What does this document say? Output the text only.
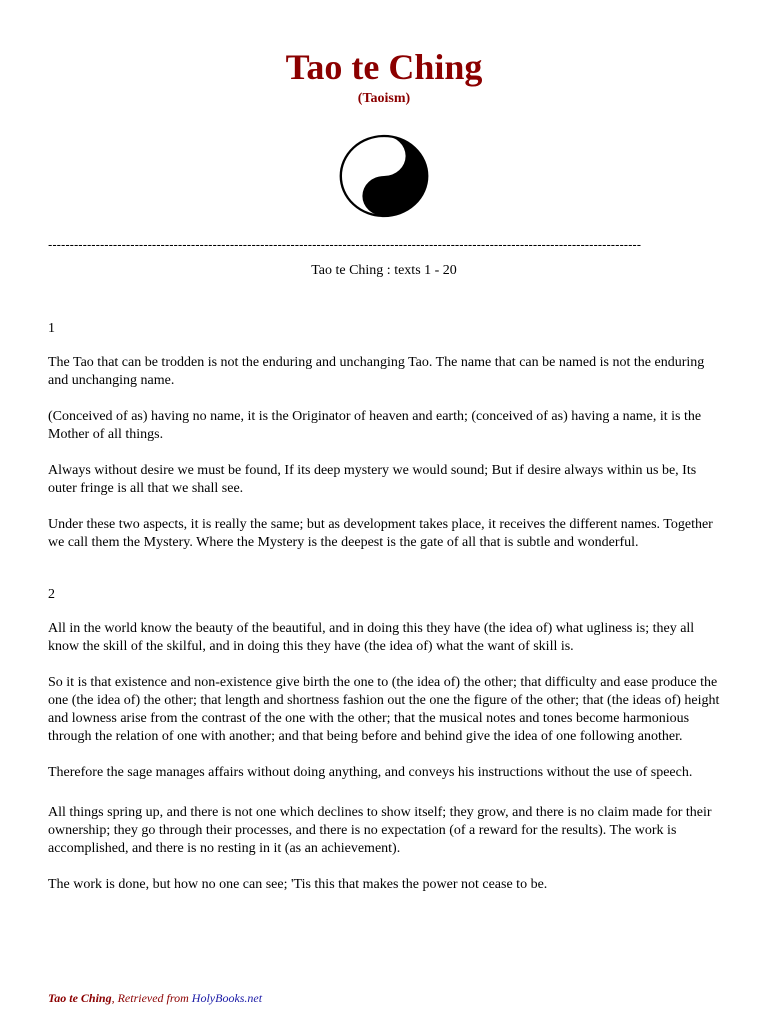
Tao te Ching
(Taoism)
-----------------------------------------------------------------------------------------------------------------------------------------
Tao te Ching : texts 1 - 20

1

The Tao that can be trodden is not the enduring and unchanging Tao. The name that can be named is not the enduring and unchanging name.

(Conceived of as) having no name, it is the Originator of heaven and earth; (conceived of as) having a name, it is the Mother of all things.

Always without desire we must be found, If its deep mystery we would sound; But if desire always within us be, Its outer fringe is all that we shall see.

Under these two aspects, it is really the same; but as development takes place, it receives the different names. Together we call them the Mystery. Where the Mystery is the deepest is the gate of all that is subtle and wonderful.

2

All in the world know the beauty of the beautiful, and in doing this they have (the idea of) what ugliness is; they all know the skill of the skilful, and in doing this they have (the idea of) what the want of skill is.

So it is that existence and non-existence give birth the one to (the idea of) the other; that difficulty and ease produce the one (the idea of) the other; that length and shortness fashion out the one the figure of the other; that (the ideas of) height and lowness arise from the contrast of the one with the other; that the musical notes and tones become harmonious through the relation of one with another; and that being before and behind give the idea of one following another.

Therefore the sage manages affairs without doing anything, and conveys his instructions without the use of speech.

All things spring up, and there is not one which declines to show itself; they grow, and there is no claim made for their ownership; they go through their processes, and there is no expectation (of a reward for the results). The work is accomplished, and there is no resting in it (as an achievement).

The work is done, but how no one can see; 'Tis this that makes the power not cease to be.

Tao te Ching, Retrieved from HolyBooks.net
